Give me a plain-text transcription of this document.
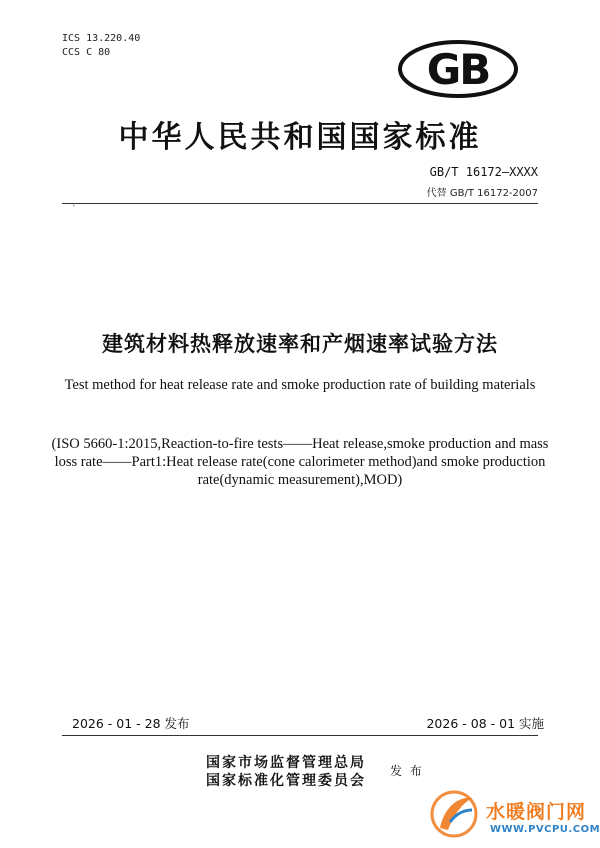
ICS 13.220.40
CCS C 80	GB
中华人民共和国国家标准
GB/T 16172—XXXX
代替 GB/T 16172-2007
`
建筑材料热释放速率和产烟速率试验方法
Test method for heat release rate and smoke production rate of building materials
(ISO 5660-1:2015,Reaction-to-fire tests——Heat release,smoke production and mass
loss rate——Part1:Heat release rate(cone calorimeter method)and smoke production
rate(dynamic measurement),MOD)
2026 - 01 - 28 发布	2026 - 08 - 01 实施
国家市场监督管理总局
国家标准化管理委员会
发 布
水暖阀门网
WWW.PVCPU.COM
